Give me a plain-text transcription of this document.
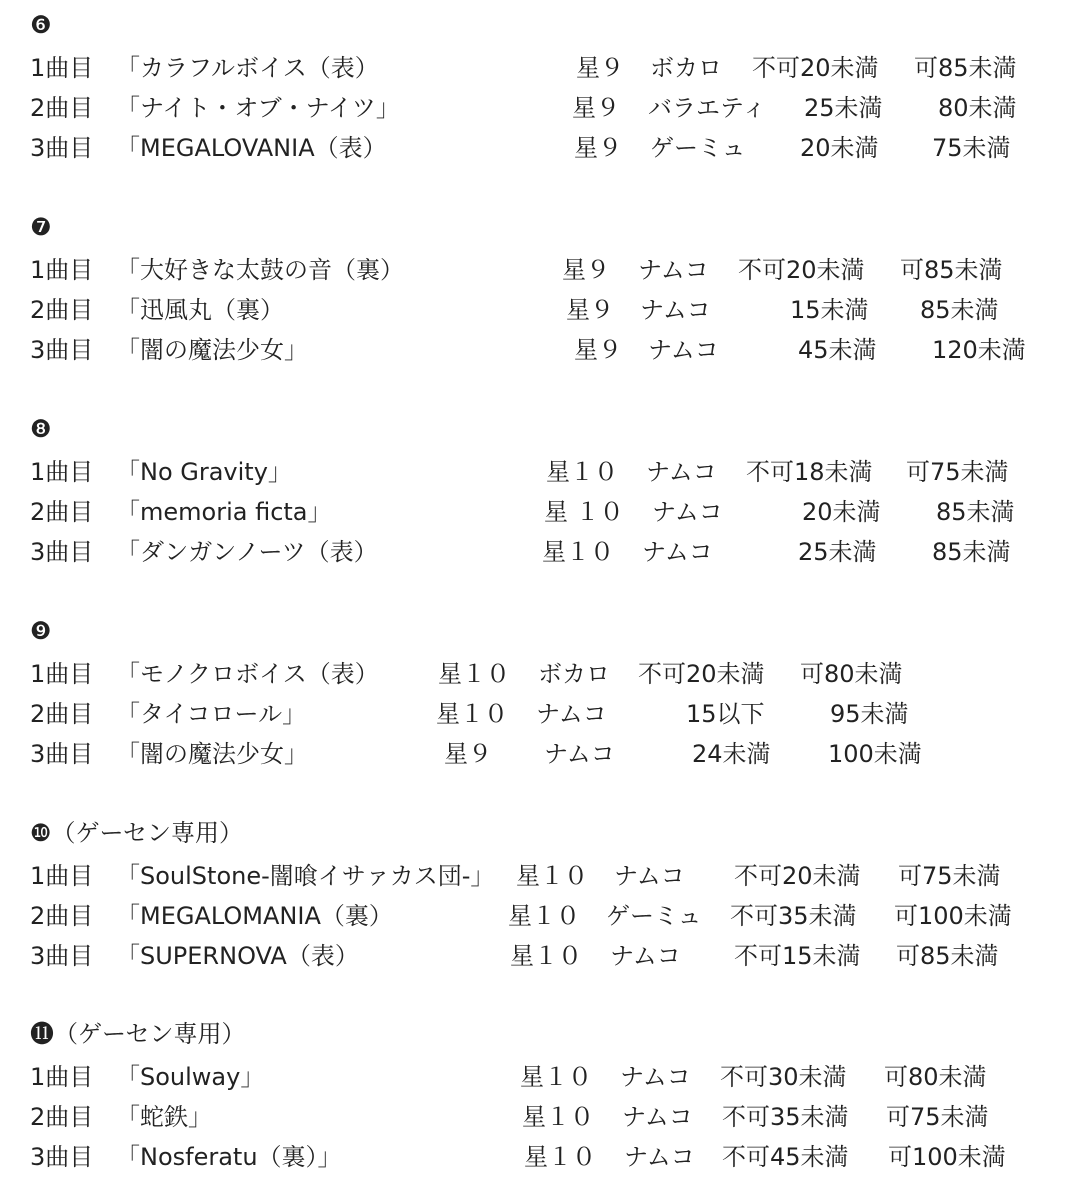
❻
1曲目 「カラフルボイス（表）	星９ ボカロ 不可20未満 可85未満
2曲目 「ナイト・オブ・ナイツ」	星９ バラエティ 25未満 80未満
3曲目 「MEGALOVANIA（表）	星９ ゲーミュ 20未満 75未満
❼
1曲目 「大好きな太鼓の音（裏）	星９ ナムコ 不可20未満 可85未満
2曲目 「迅風丸（裏）	星９ ナムコ	15未満 85未満
3曲目 「闇の魔法少女」	星９ ナムコ	45未満 120未満
❽
1曲目 「No Gravity」	星１０ ナムコ 不可18未満 可75未満
2曲目 「memoria ficta」	星 １０ ナムコ	20未満 85未満
3曲目 「ダンガンノーツ（表）	星１０ ナムコ	25未満 85未満
❾
1曲目 「モノクロボイス（表） 星１０ ボカロ 不可20未満 可80未満
2曲目 「タイコロール」	星１０ ナムコ	15以下	95未満
3曲目 「闇の魔法少女」	星９ ナムコ	24未満 100未満
❿（ゲーセン専用）
1曲目 「SoulStone-闇喰イサァカス団-」 星１０ ナムコ 不可20未満 可75未満
2曲目 「MEGALOMANIA（裏）	星１０ ゲーミュ 不可35未満 可100未満
3曲目 「SUPERNOVA（表）	星１０ ナムコ 不可15未満 可85未満
⓫（ゲーセン専用）
1曲目 「Soulway」	星１０ ナムコ 不可30未満 可80未満
2曲目 「蛇鉄」	星１０ ナムコ 不可35未満 可75未満
3曲目 「Nosferatu（裏）」	星１０ ナムコ 不可45未満 可100未満
